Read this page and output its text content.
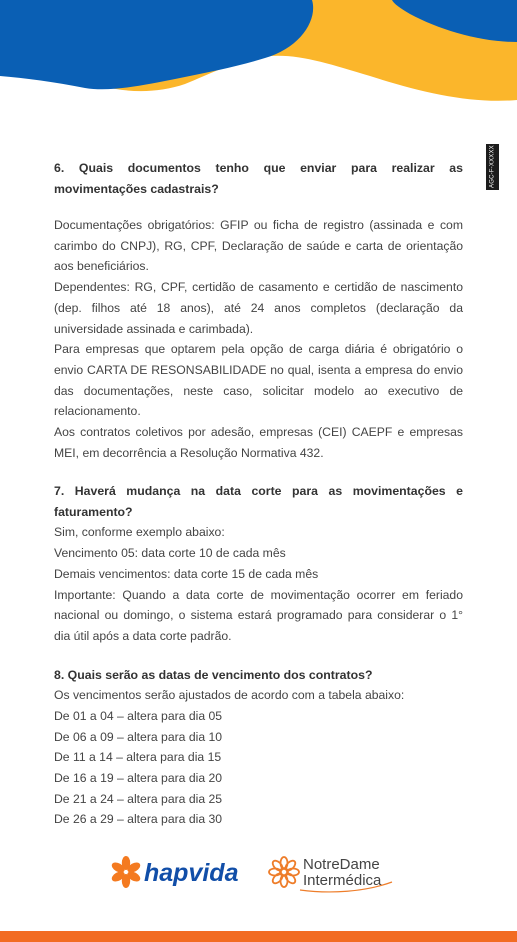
AGC-F-XXXXX

6. Quais documentos tenho que enviar para realizar as movimentações cadastrais?

Documentações obrigatórios: GFIP ou ficha de registro (assinada e com carimbo do CNPJ), RG, CPF, Declaração de saúde e carta de orientação aos beneficiários.

Dependentes: RG, CPF, certidão de casamento e certidão de nascimento (dep. filhos até 18 anos), até 24 anos completos (declaração da universidade assinada e carimbada).

Para empresas que optarem pela opção de carga diária é obrigatório o envio CARTA DE RESONSABILIDADE no qual, isenta a empresa do envio das documentações, neste caso, solicitar modelo ao executivo de relacionamento.

Aos contratos coletivos por adesão, empresas (CEI) CAEPF e empresas MEI, em decorrência a Resolução Normativa 432.

7. Haverá mudança na data corte para as movimentações e faturamento?

Sim, conforme exemplo abaixo:

Vencimento 05: data corte 10 de cada mês

Demais vencimentos: data corte 15 de cada mês

Importante: Quando a data corte de movimentação ocorrer em feriado nacional ou domingo, o sistema estará programado para considerar o 1° dia útil após a data corte padrão.

8. Quais serão as datas de vencimento dos contratos?

Os vencimentos serão ajustados de acordo com a tabela abaixo:

De 01 a 04 – altera para dia 05

De 06 a 09 – altera para dia 10

De 11 a 14 – altera para dia 15

De 16 a 19 – altera para dia 20

De 21 a 24 – altera para dia 25

De 26 a 29 – altera para dia 30

hapvida	NotreDame
Intermédica
